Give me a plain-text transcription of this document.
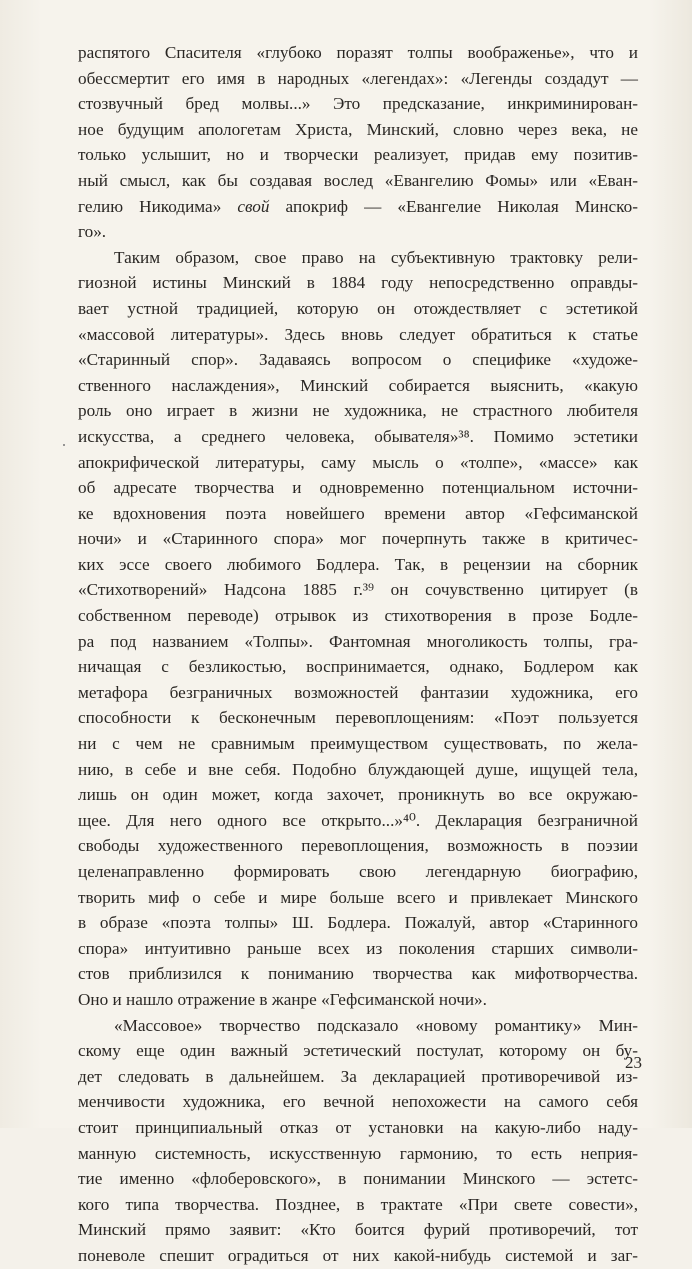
распятого Спасителя «глубоко поразят толпы воображенье», что и
обессмертит его имя в народных «легендах»: «Легенды создадут —
стозвучный бред молвы...» Это предсказание, инкриминирован-
ное будущим апологетам Христа, Минский, словно через века, не
только услышит, но и творчески реализует, придав ему позитив-
ный смысл, как бы создавая вослед «Евангелию Фомы» или «Еван-
гелию Никодима» свой апокриф — «Евангелие Николая Минско-
го».
Таким образом, свое право на субъективную трактовку рели-
гиозной истины Минский в 1884 году непосредственно оправды-
вает устной традицией, которую он отождествляет с эстетикой
«массовой литературы». Здесь вновь следует обратиться к статье
«Старинный спор». Задаваясь вопросом о специфике «художе-
ственного наслаждения», Минский собирается выяснить, «какую
роль оно играет в жизни не художника, не страстного любителя
искусства, а среднего человека, обывателя»³⁸. Помимо эстетики
апокрифической литературы, саму мысль о «толпе», «массе» как
об адресате творчества и одновременно потенциальном источни-
ке вдохновения поэта новейшего времени автор «Гефсиманской
ночи» и «Старинного спора» мог почерпнуть также в критичес-
ких эссе своего любимого Бодлера. Так, в рецензии на сборник
«Стихотворений» Надсона 1885 г.³⁹ он сочувственно цитирует (в
собственном переводе) отрывок из стихотворения в прозе Бодле-
ра под названием «Толпы». Фантомная многоликость толпы, гра-
ничащая с безликостью, воспринимается, однако, Бодлером как
метафора безграничных возможностей фантазии художника, его
способности к бесконечным перевоплощениям: «Поэт пользуется
ни с чем не сравнимым преимуществом существовать, по жела-
нию, в себе и вне себя. Подобно блуждающей душе, ищущей тела,
лишь он один может, когда захочет, проникнуть во все окружаю-
щее. Для него одного все открыто...»⁴⁰. Декларация безграничной
свободы художественного перевоплощения, возможность в поэзии
целенаправленно формировать свою легендарную биографию,
творить миф о себе и мире больше всего и привлекает Минского
в образе «поэта толпы» Ш. Бодлера. Пожалуй, автор «Старинного
спора» интуитивно раньше всех из поколения старших символи-
стов приблизился к пониманию творчества как мифотворчества.
Оно и нашло отражение в жанре «Гефсиманской ночи».
«Массовое» творчество подсказало «новому романтику» Мин-
скому еще один важный эстетический постулат, которому он бу-
дет следовать в дальнейшем. За декларацией противоречивой из-
менчивости художника, его вечной непохожести на самого себя
стоит принципиальный отказ от установки на какую-либо наду-
манную системность, искусственную гармонию, то есть неприя-
тие именно «флоберовского», в понимании Минского — эстетс-
кого типа творчества. Позднее, в трактате «При свете совести»,
Минский прямо заявит: «Кто боится фурий противоречий, тот
поневоле спешит оградиться от них какой-нибудь системой и заг-
23
